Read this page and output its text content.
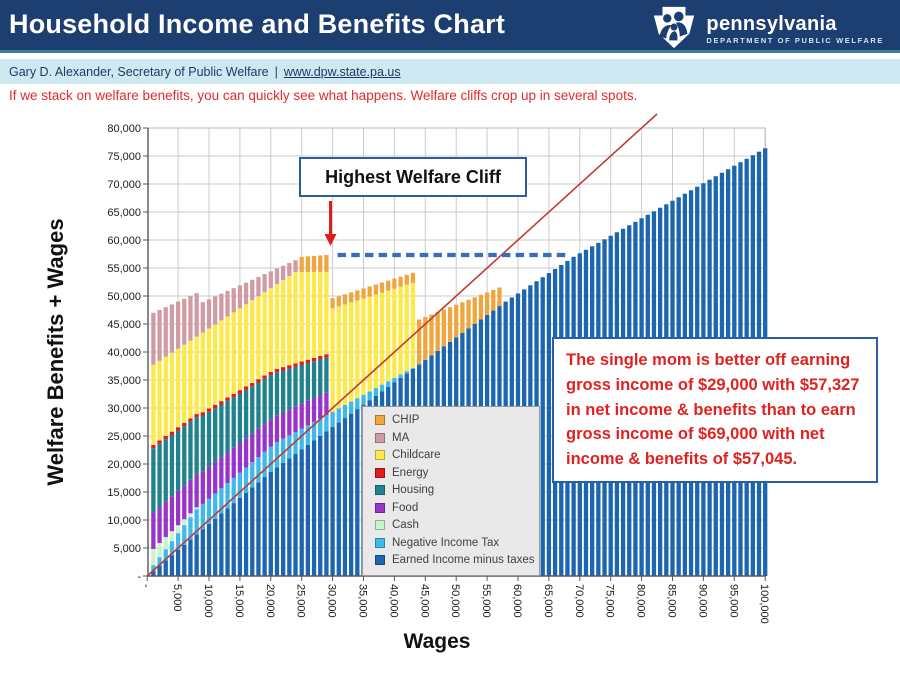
Household Income and Benefits Chart	pennsylvania
DEPARTMENT OF PUBLIC WELFARE
Gary D. Alexander, Secretary of Public Welfare | www.dpw.state.pa.us
If we stack on welfare benefits, you can quickly see what happens. Welfare cliffs crop up in several spots.
-
5,000
10,000
15,000
20,000
25,000
30,000
35,000
40,000
45,000
50,000
55,000
60,000
65,000
70,000
75,000
80,000
- 5,000 10,000 15,000 20,000 25,000 30,000 35,000 40,000 45,000 50,000 55,000 60,000 65,000 70,000 75,000 80,000 85,000 90,000 95,000 100,000
Welfare Benefits + Wages
Wages
CHIP
MA
Childcare
Energy
Housing
Food
Cash
Negative Income Tax
Earned Income minus taxes
Highest Welfare Cliff
The single mom is better off earning gross income of $29,000 with $57,327 in net income & benefits than to earn gross income of $69,000 with net income & benefits of $57,045.
